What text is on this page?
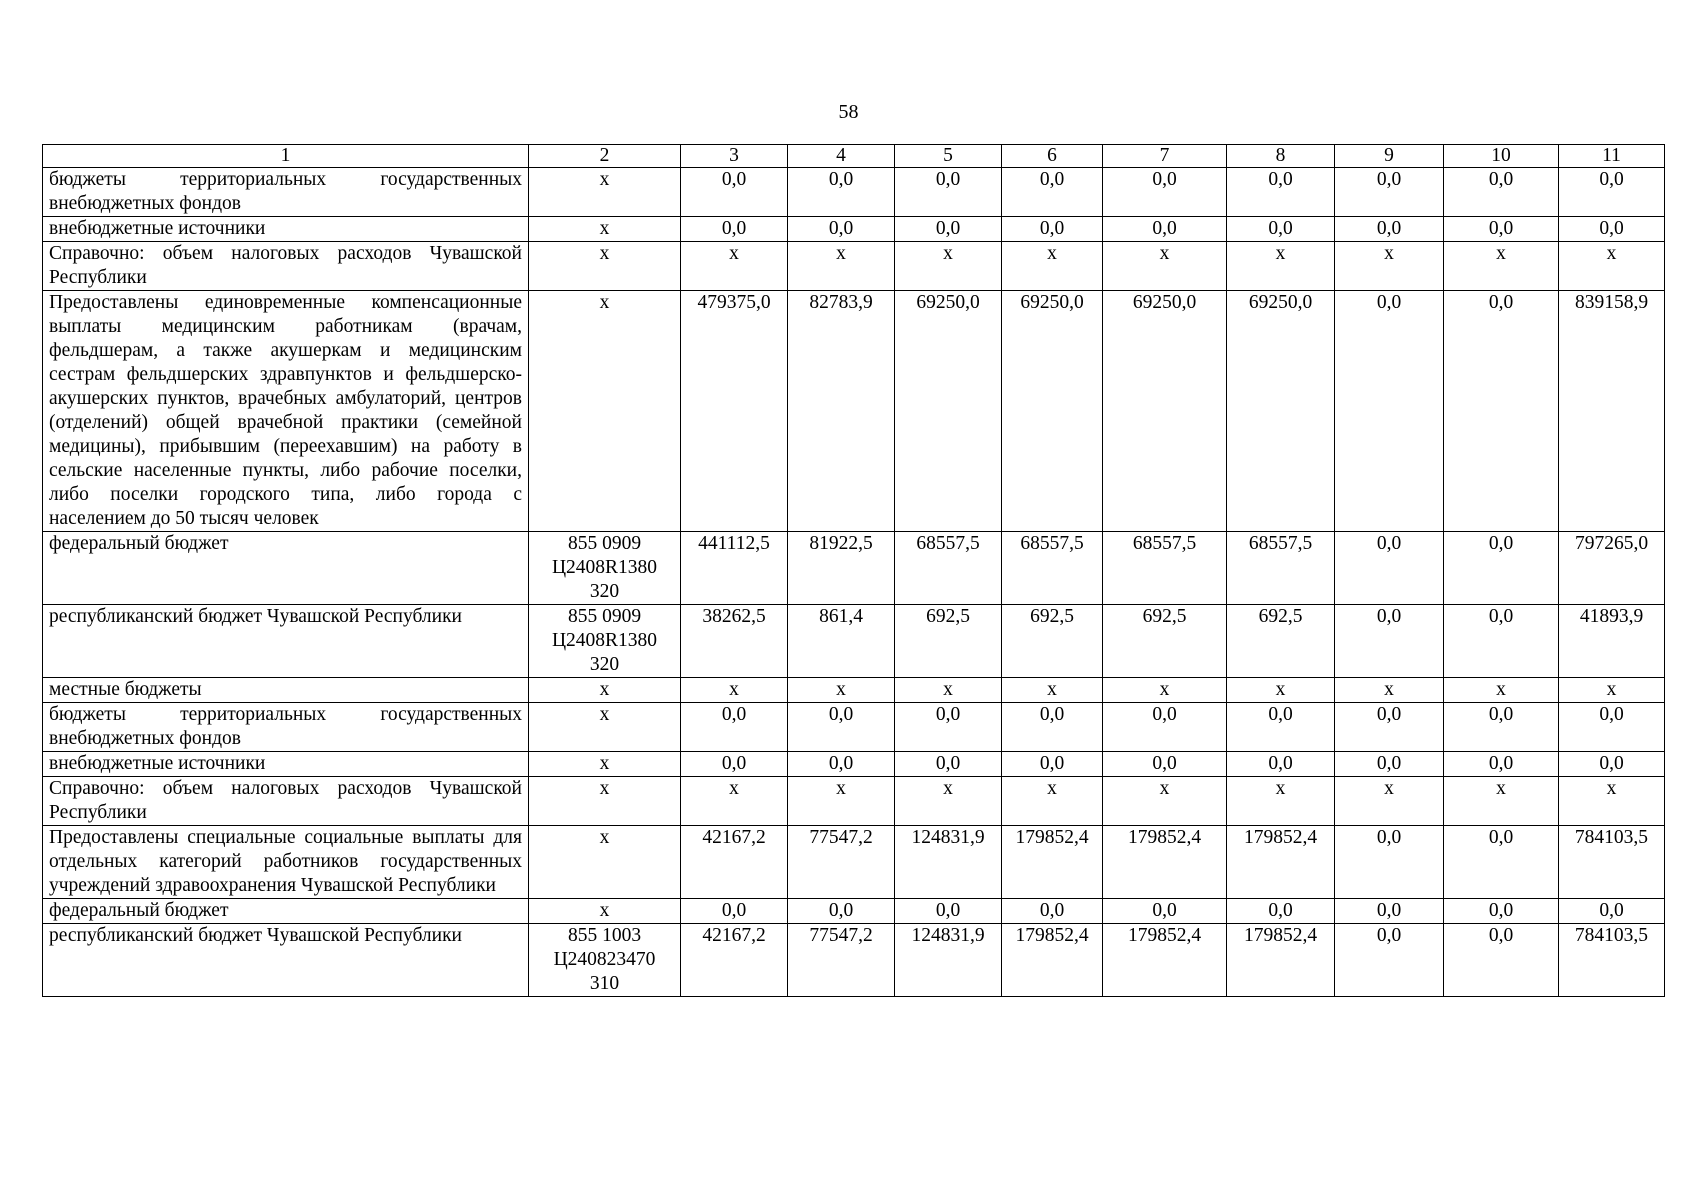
58
1	2	3	4	5	6	7	8	9	10	11
бюджеты территориальных государственных внебюджетных фондов	x	0,0	0,0	0,0	0,0	0,0	0,0	0,0	0,0	0,0
внебюджетные источники	x	0,0	0,0	0,0	0,0	0,0	0,0	0,0	0,0	0,0
Справочно: объем налоговых расходов Чувашской Республики	x	x	x	x	x	x	x	x	x	x
Предоставлены единовременные компенсационные выплаты медицинским работникам (врачам, фельдшерам, а также акушеркам и медицинским сестрам фельдшерских здравпунктов и фельдшерско-акушерских пунктов, врачебных амбулаторий, центров (отделений) общей врачебной практики (семейной медицины), прибывшим (переехавшим) на работу в сельские населенные пункты, либо рабочие поселки, либо поселки городского типа, либо города с населением до 50 тысяч человек	x	479375,0	82783,9	69250,0	69250,0	69250,0	69250,0	0,0	0,0	839158,9
федеральный бюджет	855 0909
Ц2408R1380
320	441112,5	81922,5	68557,5	68557,5	68557,5	68557,5	0,0	0,0	797265,0
республиканский бюджет Чувашской Республики	855 0909
Ц2408R1380
320	38262,5	861,4	692,5	692,5	692,5	692,5	0,0	0,0	41893,9
местные бюджеты	x	x	x	x	x	x	x	x	x	x
бюджеты территориальных государственных внебюджетных фондов	x	0,0	0,0	0,0	0,0	0,0	0,0	0,0	0,0	0,0
внебюджетные источники	x	0,0	0,0	0,0	0,0	0,0	0,0	0,0	0,0	0,0
Справочно: объем налоговых расходов Чувашской Республики	x	x	x	x	x	x	x	x	x	x
Предоставлены специальные социальные выплаты для отдельных категорий работников государственных учреждений здравоохранения Чувашской Республики	x	42167,2	77547,2	124831,9	179852,4	179852,4	179852,4	0,0	0,0	784103,5
федеральный бюджет	x	0,0	0,0	0,0	0,0	0,0	0,0	0,0	0,0	0,0
республиканский бюджет Чувашской Республики	855 1003
Ц240823470
310	42167,2	77547,2	124831,9	179852,4	179852,4	179852,4	0,0	0,0	784103,5
